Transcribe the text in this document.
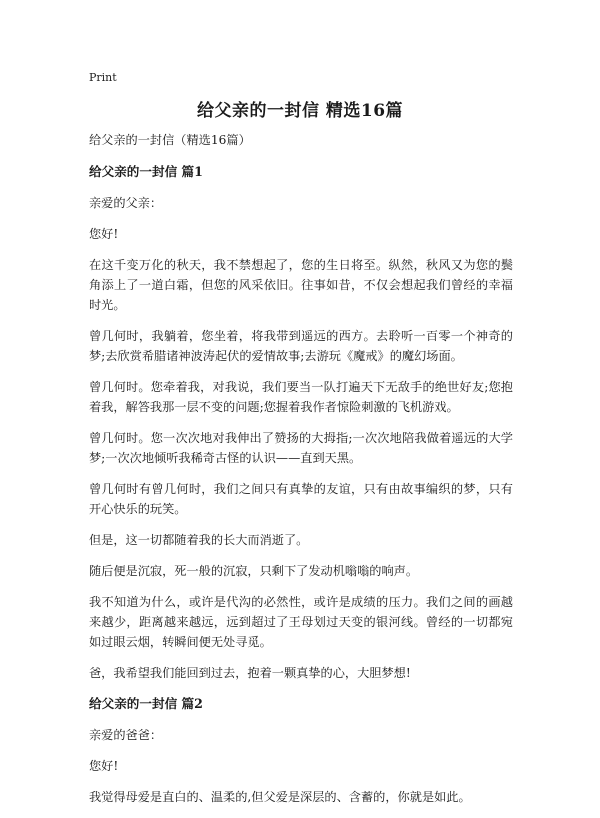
Print
给父亲的一封信 精选16篇

给父亲的一封信（精选16篇）

给父亲的一封信 篇1

亲爱的父亲：

您好!

在这千变万化的秋天，我不禁想起了，您的生日将至。纵然，秋风又为您的鬓角添上了一道白霜，但您的风采依旧。往事如昔，不仅会想起我们曾经的幸福时光。

曾几何时，我躺着，您坐着，将我带到遥远的西方。去聆听一百零一个神奇的梦;去欣赏希腊诸神波涛起伏的爱情故事;去游玩《魔戒》的魔幻场面。

曾几何时。您牵着我，对我说，我们要当一队打遍天下无敌手的绝世好友;您抱着我，解答我那一层不变的问题;您握着我作者惊险刺激的飞机游戏。

曾几何时。您一次次地对我伸出了赞扬的大拇指;一次次地陪我做着遥远的大学梦;一次次地倾听我稀奇古怪的认识——直到天黑。

曾几何时有曾几何时，我们之间只有真挚的友谊，只有由故事编织的梦，只有开心快乐的玩笑。

但是，这一切都随着我的长大而消逝了。

随后便是沉寂，死一般的沉寂，只剩下了发动机嗡嗡的响声。

我不知道为什么，或许是代沟的必然性，或许是成绩的压力。我们之间的画越来越少，距离越来越远，远到超过了王母划过天变的银河线。曾经的一切都宛如过眼云烟，转瞬间便无处寻觅。

爸，我希望我们能回到过去，抱着一颗真挚的心，大胆梦想!

给父亲的一封信 篇2

亲爱的爸爸：

您好!

我觉得母爱是直白的、温柔的,但父爱是深层的、含蓄的，你就是如此。
